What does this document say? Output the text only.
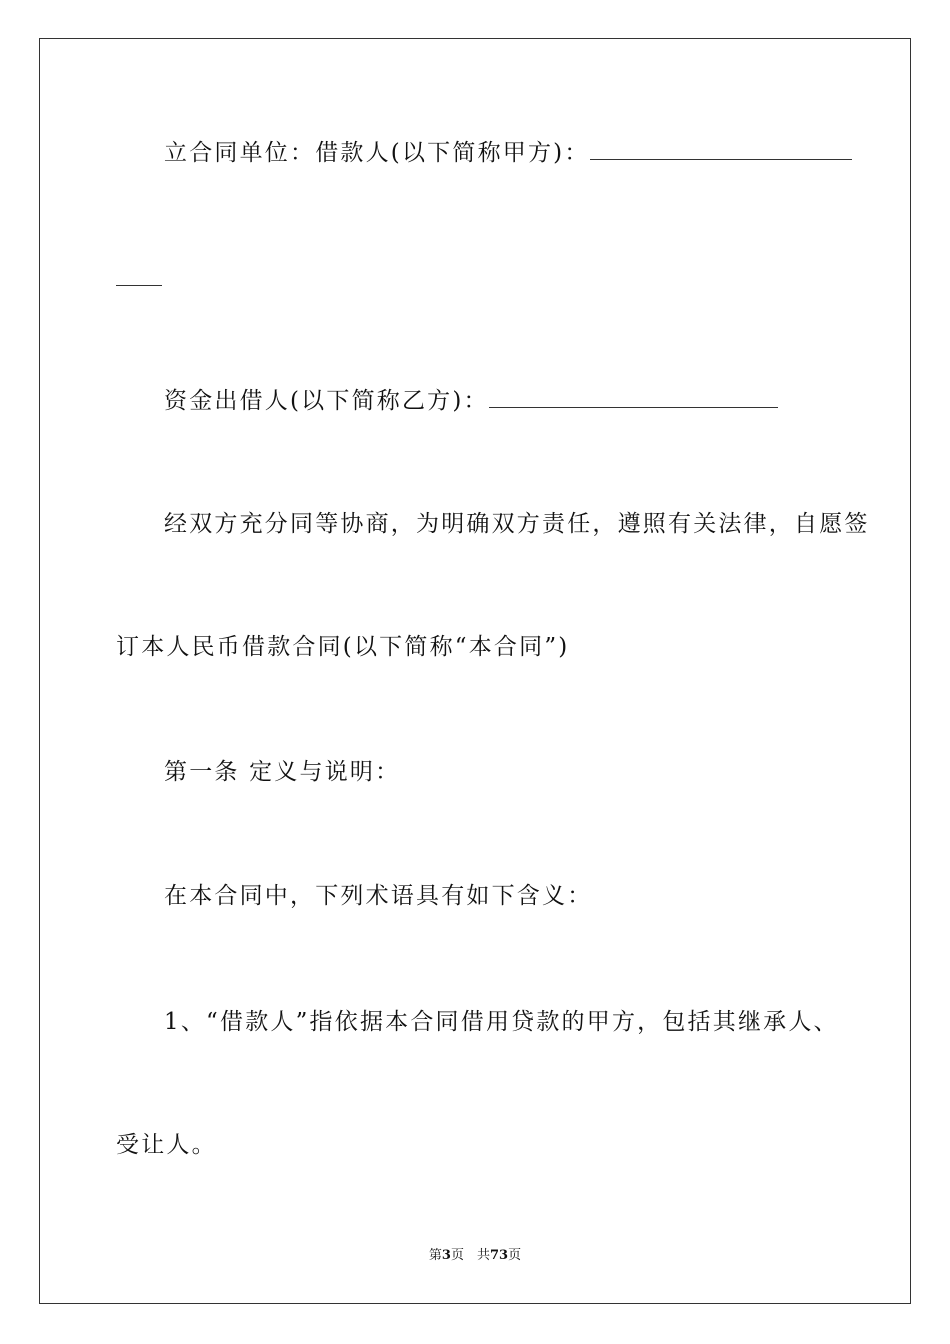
立合同单位：借款人(以下简称甲方)：
资金出借人(以下简称乙方)：
经双方充分同等协商，为明确双方责任，遵照有关法律，自愿签
订本人民币借款合同(以下简称“本合同”)
第一条 定义与说明：
在本合同中，下列术语具有如下含义：
1、“借款人”指依据本合同借用贷款的甲方，包括其继承人、
受让人。
第3页　共73页
